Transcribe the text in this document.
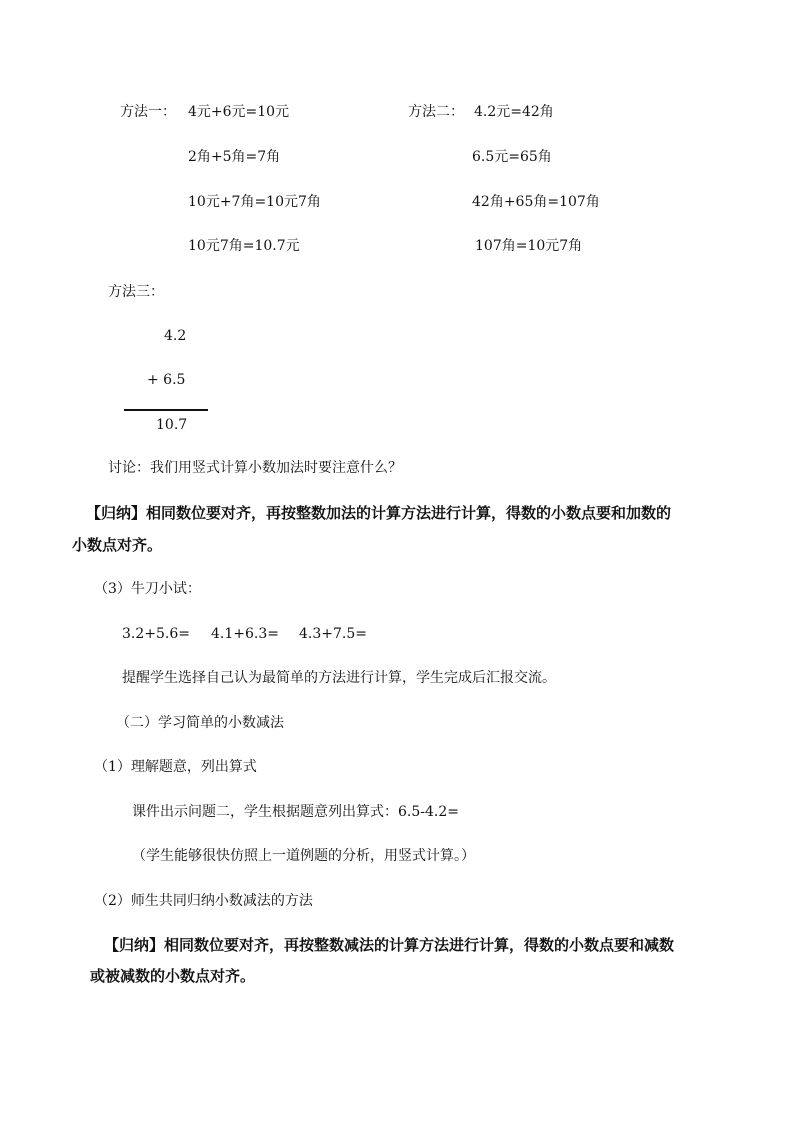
方法一： 4元+6元=10元
2角+5角=7角
10元+7角=10元7角
10元7角=10.7元
方法二： 4.2元=42角
6.5元=65角
42角+65角=107角
107角=10元7角
方法三：
4.2
+ 6.5
10.7
讨论：我们用竖式计算小数加法时要注意什么？
【归纳】相同数位要对齐，再按整数加法的计算方法进行计算，得数的小数点要和加数的
小数点对齐。
（3）牛刀小试：
3.2+5.6= 4.1+6.3= 4.3+7.5=
提醒学生选择自己认为最简单的方法进行计算，学生完成后汇报交流。
（二）学习简单的小数减法
（1）理解题意，列出算式
课件出示问题二，学生根据题意列出算式：6.5-4.2=
（学生能够很快仿照上一道例题的分析，用竖式计算。）
（2）师生共同归纳小数减法的方法
【归纳】相同数位要对齐，再按整数减法的计算方法进行计算，得数的小数点要和减数
或被减数的小数点对齐。
